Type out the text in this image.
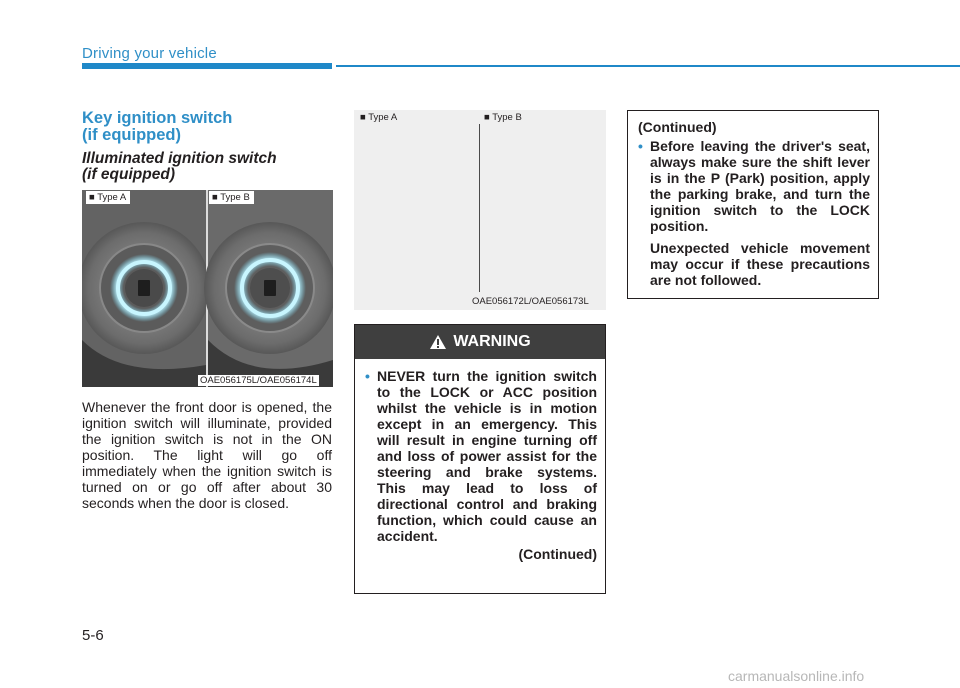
Driving your vehicle
Key ignition switch
(if equipped)
Illuminated ignition switch
(if equipped)
■ Type A	■ Type B
OAE056175L/OAE056174L
Whenever the front door is opened, the ignition switch will illuminate, provided the ignition switch is not in the ON position. The light will go off immediately when the ignition switch is turned on or go off after about 30 seconds when the door is closed.
■ Type A	■ Type B
OAE056172L/OAE056173L
WARNING
• NEVER turn the ignition switch to the LOCK or ACC position whilst the vehicle is in motion except in an emergency. This will result in engine turning off and loss of power assist for the steering and brake systems. This may lead to loss of directional control and braking function, which could cause an accident.
(Continued)
(Continued)
• Before leaving the driver's seat, always make sure the shift lever is in the P (Park) position, apply the parking brake, and turn the ignition switch to the LOCK position.
Unexpected vehicle movement may occur if these precautions are not followed.
5-6
carmanualsonline.info
